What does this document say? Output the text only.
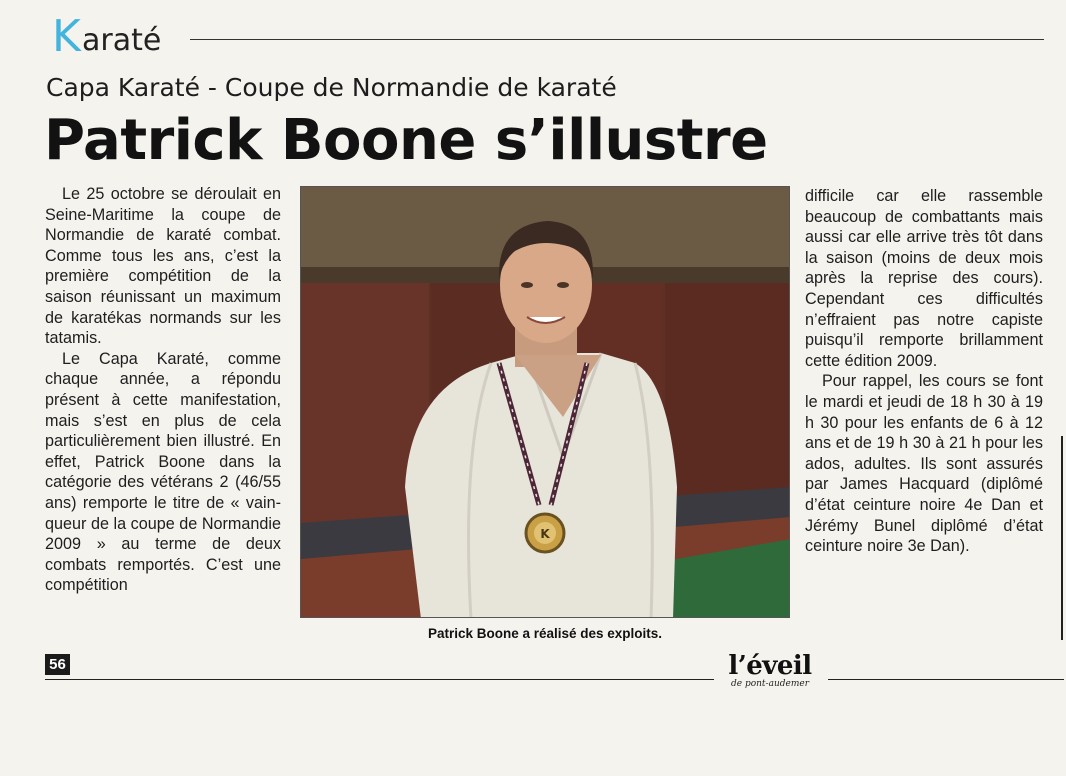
K araté
Capa Karaté - Coupe de Normandie de karaté
Patrick Boone s’illustre

Le 25 octobre se déroulait en Seine-Maritime la coupe de Normandie de karaté combat. Comme tous les ans, c’est la première compétition de la saison réunissant un maximum de karatékas normands sur les tatamis.

Le Capa Karaté, comme chaque année, a répondu présent à cette manifestation, mais s’est en plus de cela particulièrement bien illustré. En effet, Patrick Boone dans la catégorie des vétérans 2 (46/55 ans) remporte le titre de « vainqueur de la coupe de Normandie 2009 » au terme de deux combats remportés. C’est une compétition

K
Patrick Boone a réalisé des exploits.

difficile car elle rassemble beaucoup de combattants mais aussi car elle arrive très tôt dans la saison (moins de deux mois après la reprise des cours). Cependant ces difficultés n’effraient pas notre capiste puisqu’il remporte brillamment cette édition 2009.

Pour rappel, les cours se font le mardi et jeudi de 18 h 30 à 19 h 30 pour les enfants de 6 à 12 ans et de 19 h 30 à 21 h pour les ados, adultes. Ils sont assurés par James Hacquard (diplômé d’état ceinture noire 4e Dan et Jérémy Bunel diplômé d’état ceinture noire 3e Dan).

56	l’éveil
de pont-audemer
